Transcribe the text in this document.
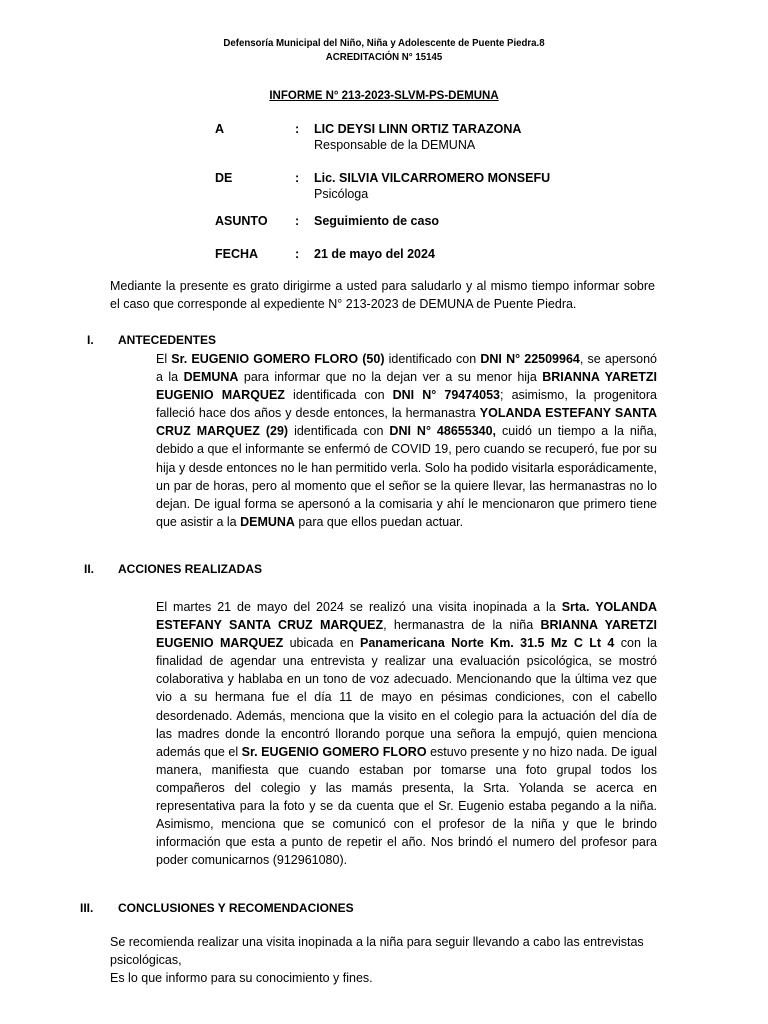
Defensoría Municipal del Niño, Niña y Adolescente de Puente Piedra.8
ACREDITACIÓN N° 15145
INFORME N° 213-2023-SLVM-PS-DEMUNA
A	: LIC DEYSI LINN ORTIZ TARAZONA
Responsable de la DEMUNA
DE	: Lic. SILVIA VILCARROMERO MONSEFU
Psicóloga
ASUNTO	: Seguimiento de caso
FECHA	: 21 de mayo del 2024
Mediante la presente es grato dirigirme a usted para saludarlo y al mismo tiempo informar sobre el caso que corresponde al expediente N° 213-2023 de DEMUNA de Puente Piedra.
I. ANTECEDENTES
El Sr. EUGENIO GOMERO FLORO (50) identificado con DNI N° 22509964, se apersonó a la DEMUNA para informar que no la dejan ver a su menor hija BRIANNA YARETZI EUGENIO MARQUEZ identificada con DNI N° 79474053; asimismo, la progenitora falleció hace dos años y desde entonces, la hermanastra YOLANDA ESTEFANY SANTA CRUZ MARQUEZ (29) identificada con DNI N° 48655340, cuidó un tiempo a la niña, debido a que el informante se enfermó de COVID 19, pero cuando se recuperó, fue por su hija y desde entonces no le han permitido verla. Solo ha podido visitarla esporádicamente, un par de horas, pero al momento que el señor se la quiere llevar, las hermanastras no lo dejan. De igual forma se apersonó a la comisaria y ahí le mencionaron que primero tiene que asistir a la DEMUNA para que ellos puedan actuar.
II. ACCIONES REALIZADAS
El martes 21 de mayo del 2024 se realizó una visita inopinada a la Srta. YOLANDA ESTEFANY SANTA CRUZ MARQUEZ, hermanastra de la niña BRIANNA YARETZI EUGENIO MARQUEZ ubicada en Panamericana Norte Km. 31.5 Mz C Lt 4 con la finalidad de agendar una entrevista y realizar una evaluación psicológica, se mostró colaborativa y hablaba en un tono de voz adecuado. Mencionando que la última vez que vio a su hermana fue el día 11 de mayo en pésimas condiciones, con el cabello desordenado. Además, menciona que la visito en el colegio para la actuación del día de las madres donde la encontró llorando porque una señora la empujó, quien menciona además que el Sr. EUGENIO GOMERO FLORO estuvo presente y no hizo nada. De igual manera, manifiesta que cuando estaban por tomarse una foto grupal todos los compañeros del colegio y las mamás presenta, la Srta. Yolanda se acerca en representativa para la foto y se da cuenta que el Sr. Eugenio estaba pegando a la niña. Asimismo, menciona que se comunicó con el profesor de la niña y que le brindo información que esta a punto de repetir el año. Nos brindó el numero del profesor para poder comunicarnos (912961080).
III. CONCLUSIONES Y RECOMENDACIONES
Se recomienda realizar una visita inopinada a la niña para seguir llevando a cabo las entrevistas psicológicas,
Es lo que informo para su conocimiento y fines.
